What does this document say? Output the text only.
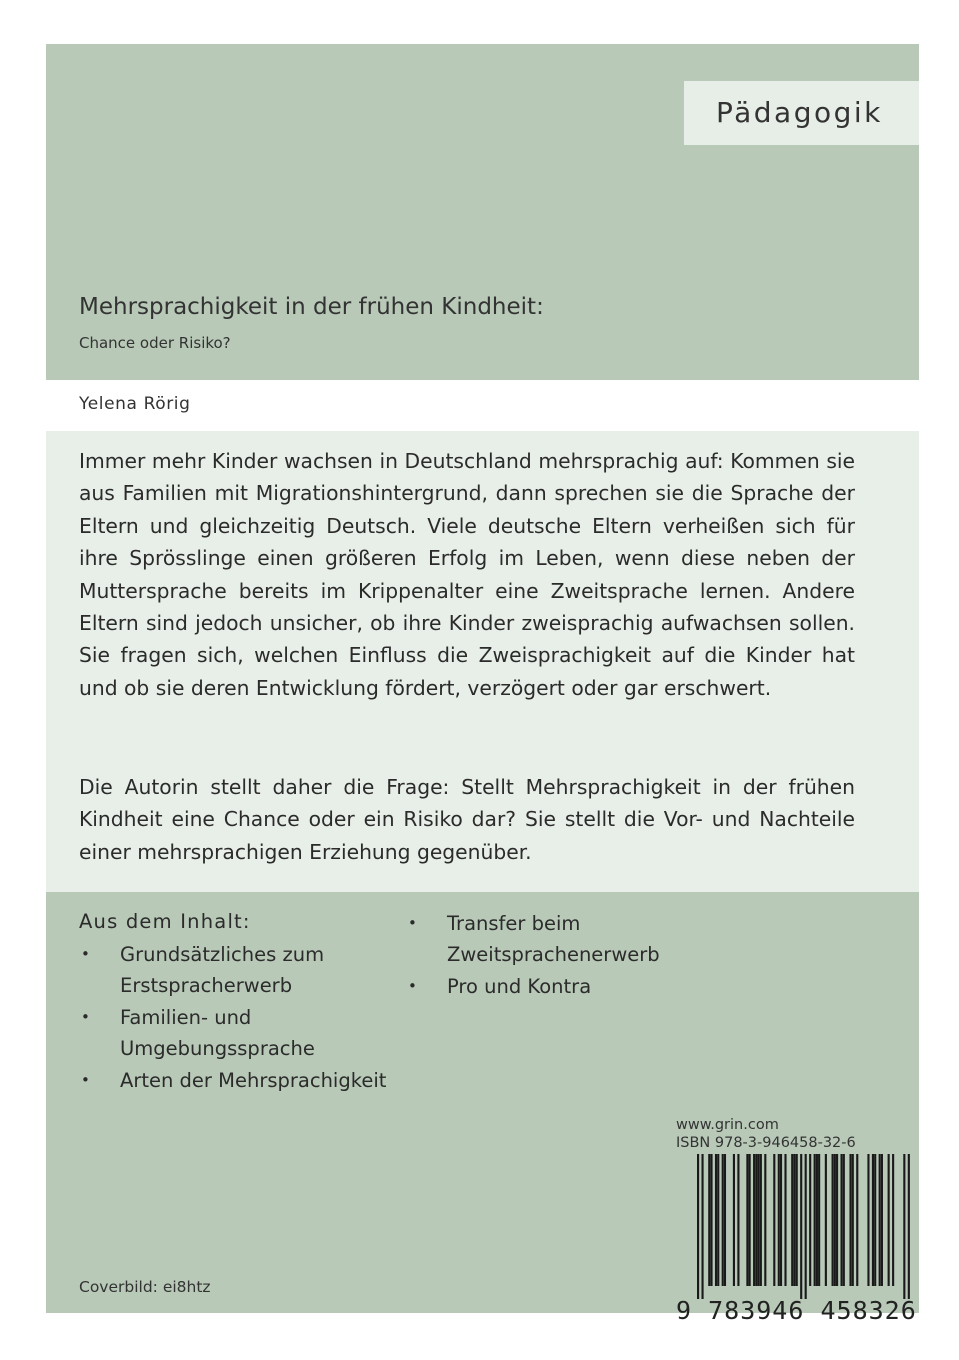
Pädagogik
Mehrsprachigkeit in der frühen Kindheit:
Chance oder Risiko?
Yelena Rörig

Immer mehr Kinder wachsen in Deutschland mehrsprachig auf: Kommen sie aus Familien mit Migrationshintergrund, dann sprechen sie die Sprache der Eltern und gleichzeitig Deutsch. Viele deutsche Eltern verheißen sich für ihre Sprösslinge einen größeren Erfolg im Leben, wenn diese neben der Muttersprache bereits im Krippenalter eine Zweitsprache lernen. Andere Eltern sind jedoch unsicher, ob ihre Kinder zweisprachig aufwachsen sollen. Sie fragen sich, welchen Einfluss die Zweisprachigkeit auf die Kinder hat und ob sie deren Entwicklung fördert, verzögert oder gar erschwert.

Die Autorin stellt daher die Frage: Stellt Mehrsprachigkeit in der frühen Kindheit eine Chance oder ein Risiko dar? Sie stellt die Vor- und Nachteile einer mehrsprachigen Erziehung gegenüber.

Aus dem Inhalt:
• Grundsätzliches zum
Erstspracherwerb
• Familien- und
Umgebungssprache
• Arten der Mehrsprachigkeit
• Transfer beim
Zweitsprachenerwerb
• Pro und Kontra
www.grin.com
ISBN 978-3-946458-32-6
9 783946 458326
Coverbild: ei8htz
